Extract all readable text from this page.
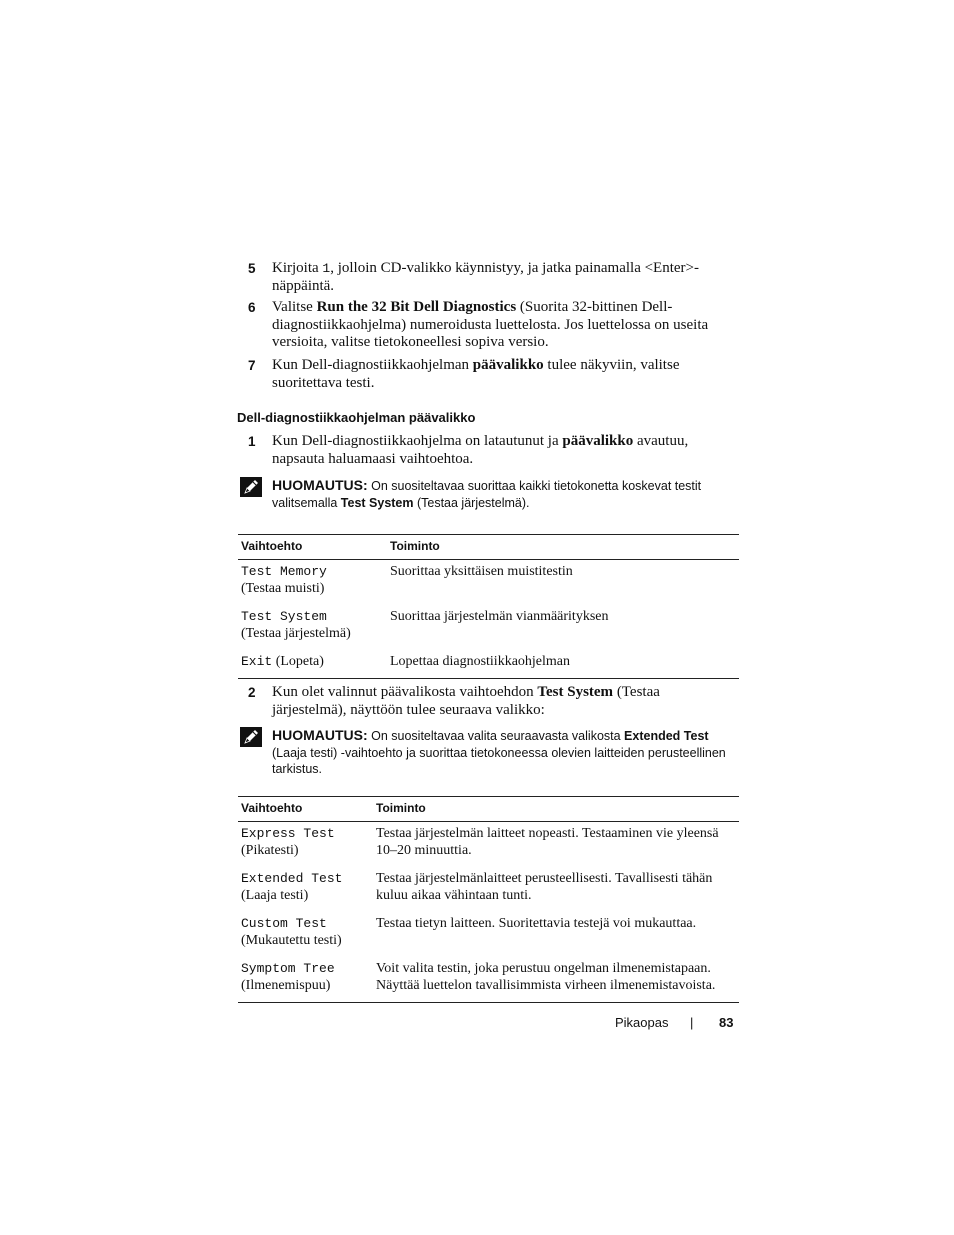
5 Kirjoita 1, jolloin CD-valikko käynnistyy, ja jatka painamalla <Enter>-näppäintä.
6 Valitse Run the 32 Bit Dell Diagnostics (Suorita 32-bittinen Dell-diagnostiikkaohjelma) numeroidusta luettelosta. Jos luettelossa on useita versioita, valitse tietokoneellesi sopiva versio.
7 Kun Dell-diagnostiikkaohjelman päävalikko tulee näkyviin, valitse suoritettava testi.
Dell-diagnostiikkaohjelman päävalikko
1 Kun Dell-diagnostiikkaohjelma on latautunut ja päävalikko avautuu, napsauta haluamaasi vaihtoehtoa.
HUOMAUTUS: On suositeltavaa suorittaa kaikki tietokonetta koskevat testit valitsemalla Test System (Testaa järjestelmä).
Vaihtoehto	Toiminto
Test Memory
(Testaa muisti)	Suorittaa yksittäisen muistitestin
Test System
(Testaa järjestelmä)	Suorittaa järjestelmän vianmäärityksen
Exit (Lopeta)	Lopettaa diagnostiikkaohjelman
2 Kun olet valinnut päävalikosta vaihtoehdon Test System (Testaa järjestelmä), näyttöön tulee seuraava valikko:
HUOMAUTUS: On suositeltavaa valita seuraavasta valikosta Extended Test (Laaja testi) -vaihtoehto ja suorittaa tietokoneessa olevien laitteiden perusteellinen tarkistus.
Vaihtoehto	Toiminto
Express Test
(Pikatesti)	Testaa järjestelmän laitteet nopeasti. Testaaminen vie yleensä 10–20 minuuttia.
Extended Test
(Laaja testi)	Testaa järjestelmänlaitteet perusteellisesti. Tavallisesti tähän kuluu aikaa vähintaan tunti.
Custom Test
(Mukautettu testi)	Testaa tietyn laitteen. Suoritettavia testejä voi mukauttaa.
Symptom Tree
(Ilmenemispuu)	Voit valita testin, joka perustuu ongelman ilmenemistapaan. Näyttää luettelon tavallisimmista virheen ilmenemistavoista.
Pikaopas | 83
